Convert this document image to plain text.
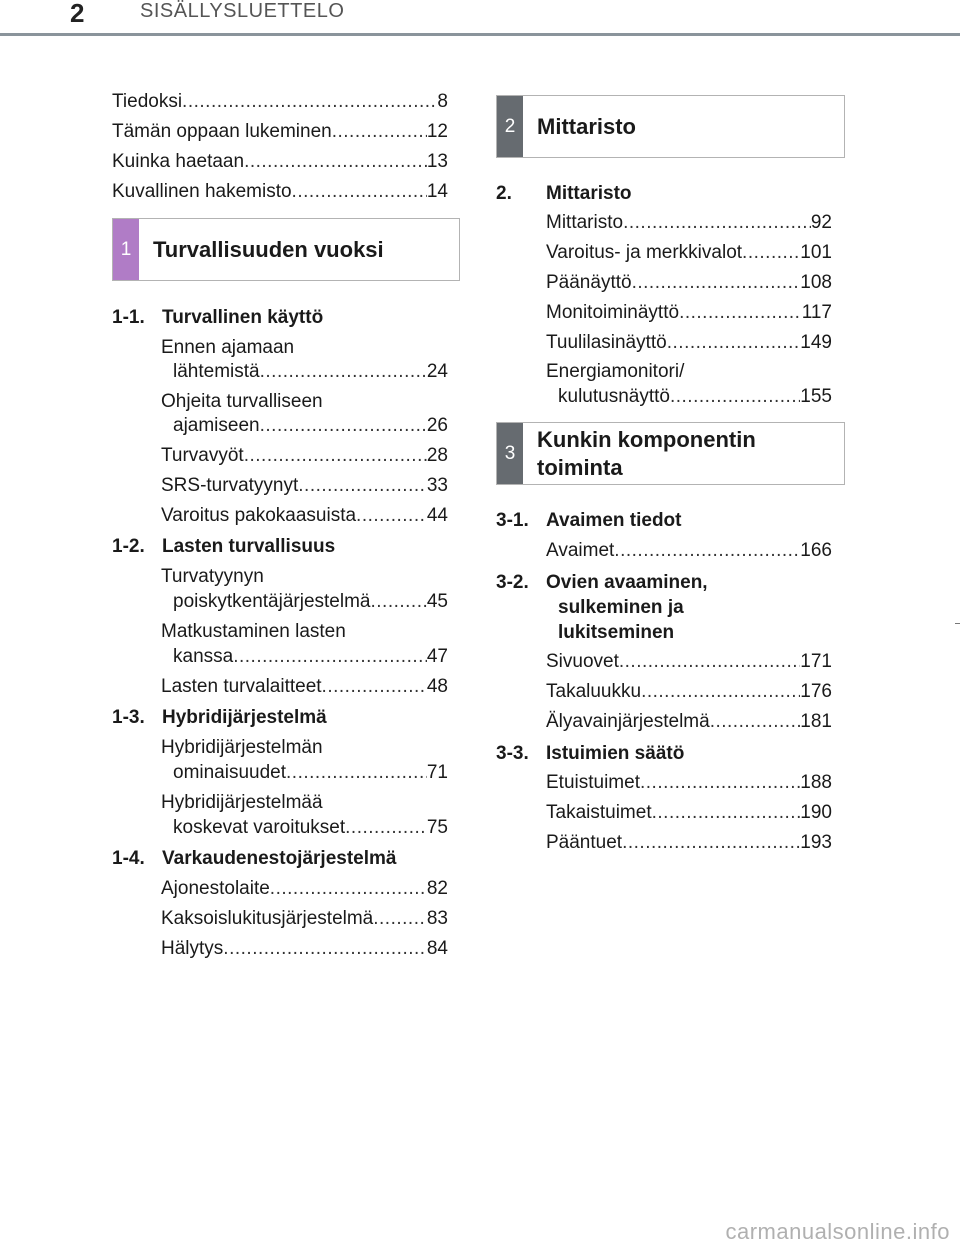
2	SISÄLLYSLUETTELO
Tiedoksi .....	8
Tämän oppaan lukeminen .....	12
Kuinka haetaan .....	13
Kuvallinen hakemisto .....	14
1 Turvallisuuden vuoksi
1-1. Turvallinen käyttö
Ennen ajamaan
lähtemistä .....	24
Ohjeita turvalliseen
ajamiseen .....	26
Turvavyöt .....	28
SRS-turvatyynyt .....	33
Varoitus pakokaasuista .....	44
1-2. Lasten turvallisuus
Turvatyynyn
poiskytkentäjärjestelmä .....	45
Matkustaminen lasten
kanssa .....	47
Lasten turvalaitteet .....	48
1-3. Hybridijärjestelmä
Hybridijärjestelmän
ominaisuudet .....	71
Hybridijärjestelmää
koskevat varoitukset .....	75
1-4. Varkaudenestojärjestelmä
Ajonestolaite .....	82
Kaksoislukitusjärjestelmä .....	83
Hälytys .....	84
2 Mittaristo
2.	Mittaristo
Mittaristo .....	92
Varoitus- ja merkkivalot .....	101
Päänäyttö .....	108
Monitoiminäyttö .....	117
Tuulilasinäyttö .....	149
Energiamonitori/
kulutusnäyttö .....	155
3
Kunkin komponentin
toiminta
3-1. Avaimen tiedot
Avaimet .....	166
3-2. Ovien avaaminen,
sulkeminen ja
lukitseminen
Sivuovet .....	171
Takaluukku .....	176
Älyavainjärjestelmä .....	181
3-3. Istuimien säätö
Etuistuimet .....	188
Takaistuimet .....	190
Pääntuet .....	193
carmanualsonline.info
